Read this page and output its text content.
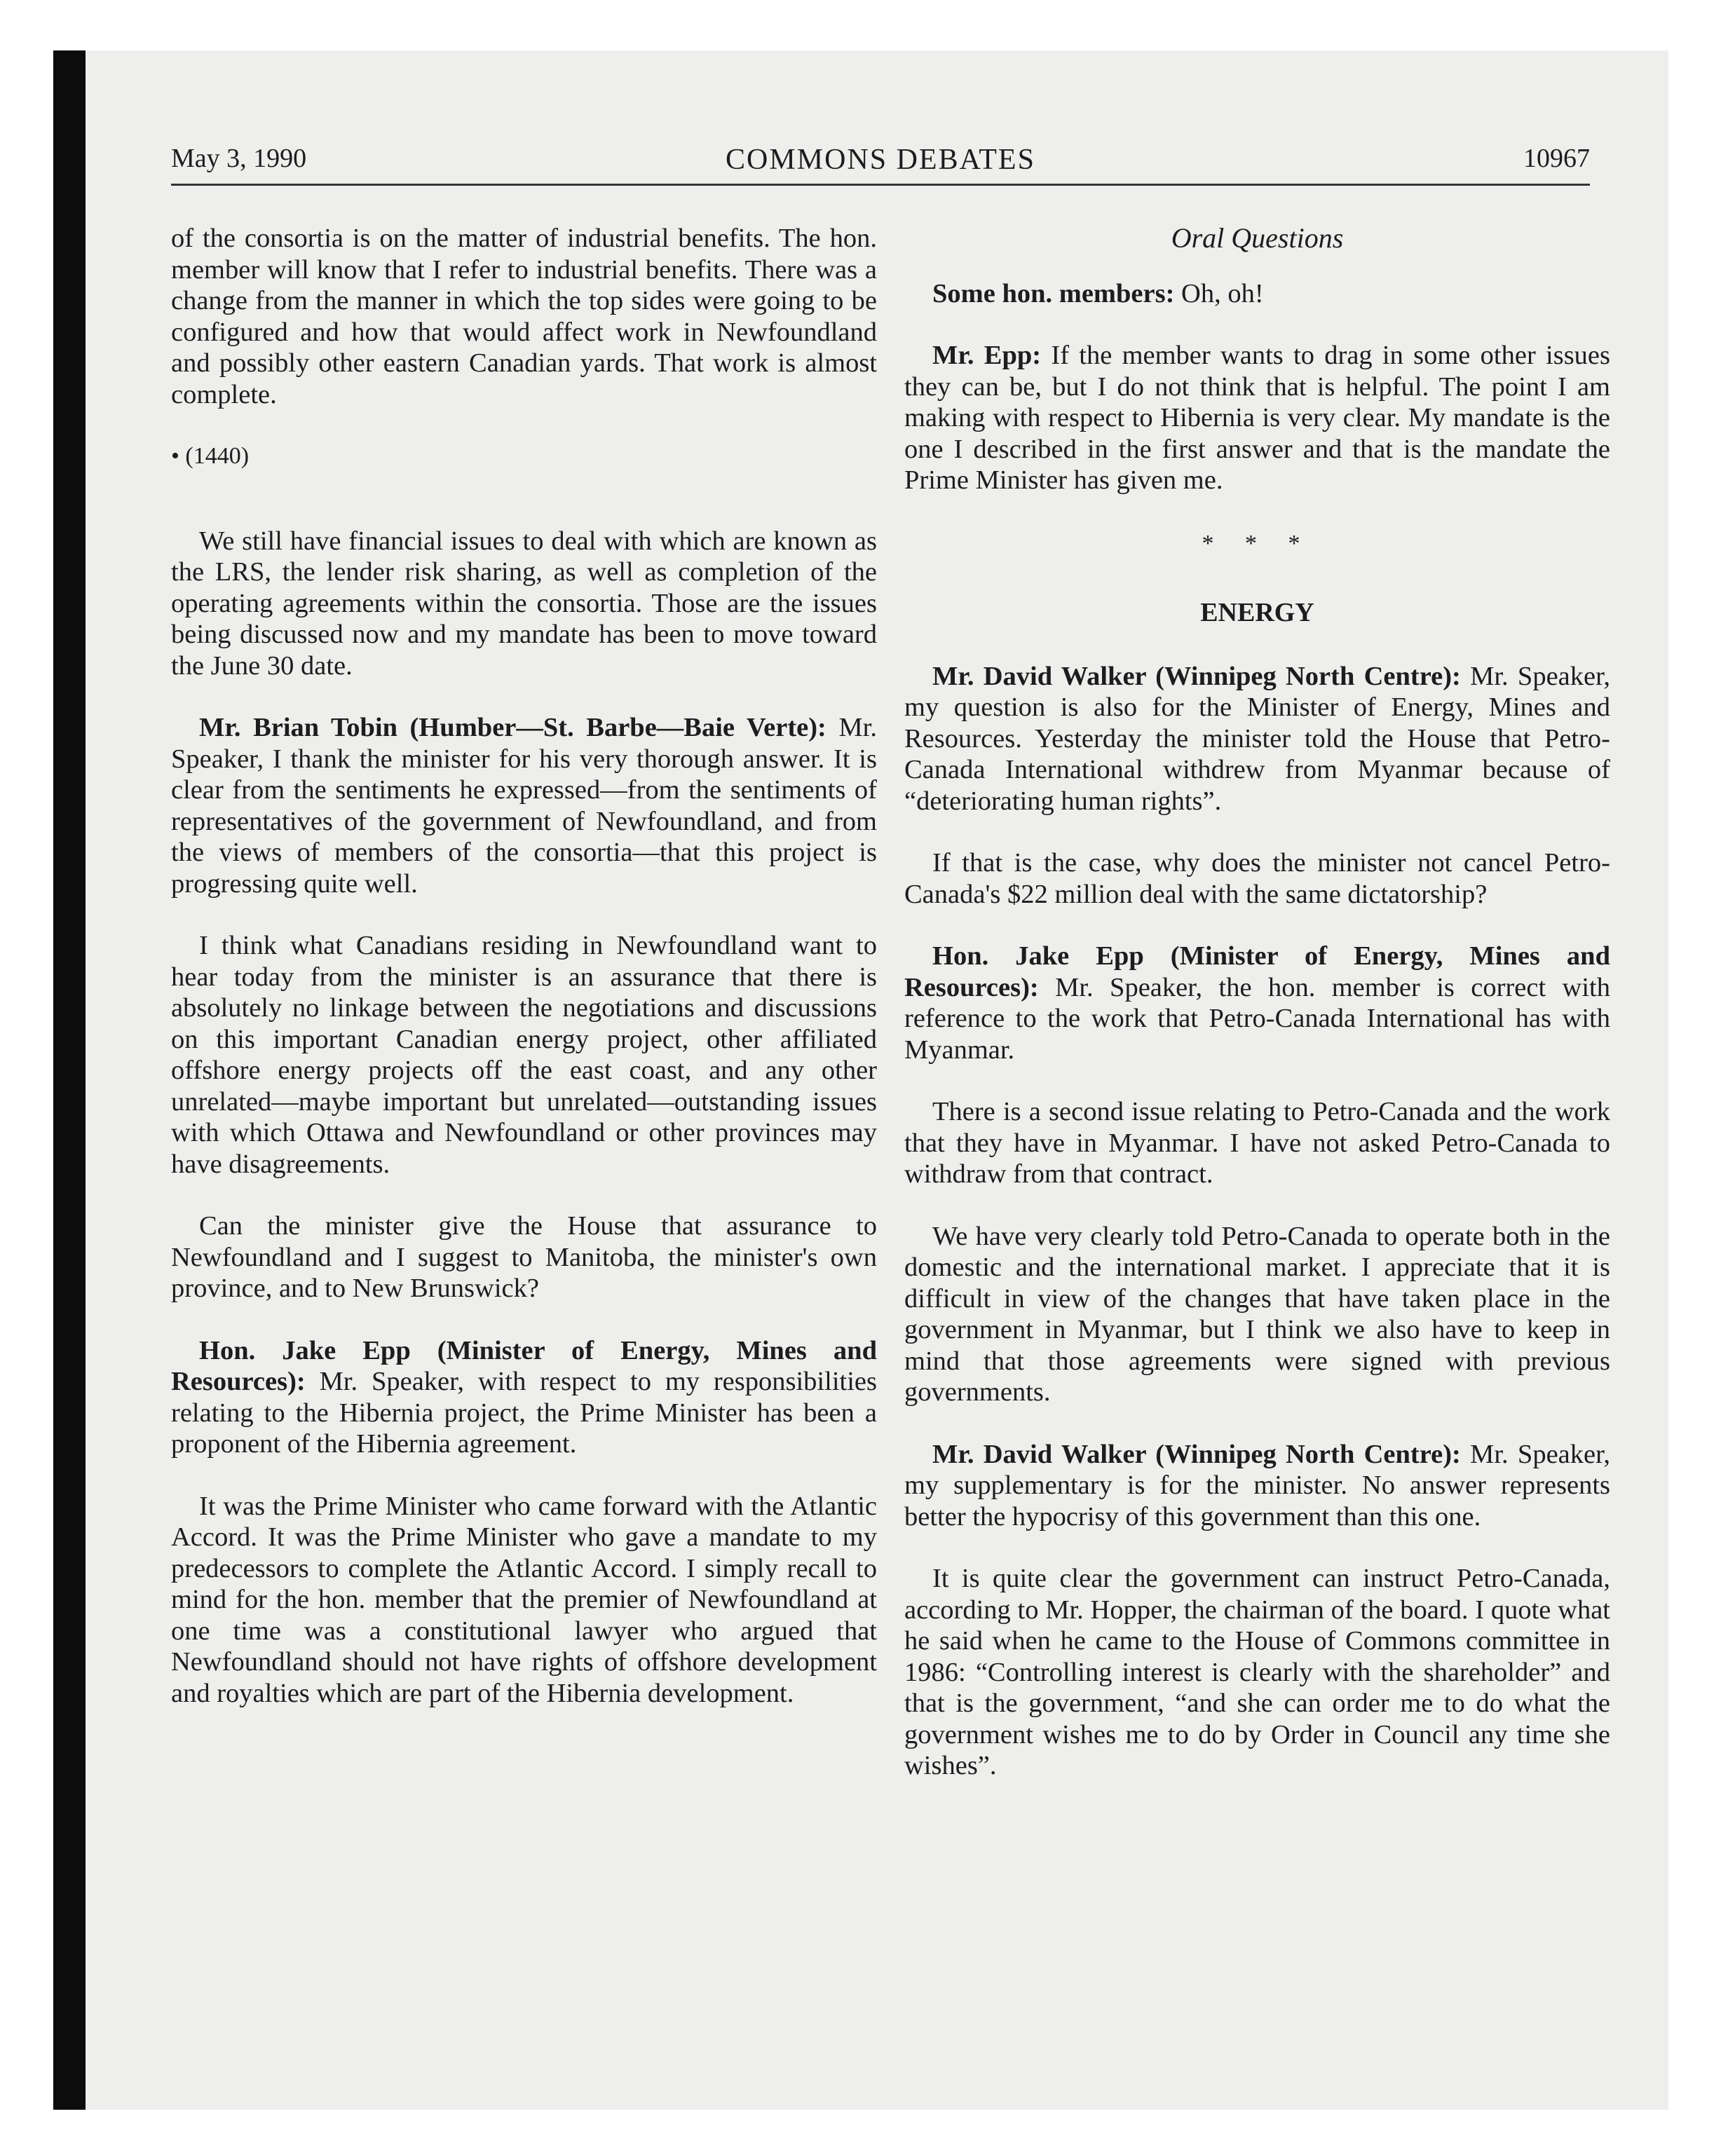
May 3, 1990	COMMONS DEBATES	10967

of the consortia is on the matter of industrial benefits. The hon. member will know that I refer to industrial benefits. There was a change from the manner in which the top sides were going to be configured and how that would affect work in Newfoundland and possibly other eastern Canadian yards. That work is almost complete.

• (1440)

We still have financial issues to deal with which are known as the LRS, the lender risk sharing, as well as completion of the operating agreements within the consortia. Those are the issues being discussed now and my mandate has been to move toward the June 30 date.

Mr. Brian Tobin (Humber—St. Barbe—Baie Verte): Mr. Speaker, I thank the minister for his very thorough answer. It is clear from the sentiments he expressed—from the sentiments of representatives of the government of Newfoundland, and from the views of members of the consortia—that this project is progressing quite well.

I think what Canadians residing in Newfoundland want to hear today from the minister is an assurance that there is absolutely no linkage between the negotiations and discussions on this important Canadian energy project, other affiliated offshore energy projects off the east coast, and any other unrelated—maybe important but unrelated—outstanding issues with which Ottawa and Newfoundland or other provinces may have disagreements.

Can the minister give the House that assurance to Newfoundland and I suggest to Manitoba, the minister's own province, and to New Brunswick?

Hon. Jake Epp (Minister of Energy, Mines and Resources): Mr. Speaker, with respect to my responsibilities relating to the Hibernia project, the Prime Minister has been a proponent of the Hibernia agreement.

It was the Prime Minister who came forward with the Atlantic Accord. It was the Prime Minister who gave a mandate to my predecessors to complete the Atlantic Accord. I simply recall to mind for the hon. member that the premier of Newfoundland at one time was a constitutional lawyer who argued that Newfoundland should not have rights of offshore development and royalties which are part of the Hibernia development.

Oral Questions

Some hon. members: Oh, oh!

Mr. Epp: If the member wants to drag in some other issues they can be, but I do not think that is helpful. The point I am making with respect to Hibernia is very clear. My mandate is the one I described in the first answer and that is the mandate the Prime Minister has given me.

* * *
ENERGY

Mr. David Walker (Winnipeg North Centre): Mr. Speaker, my question is also for the Minister of Energy, Mines and Resources. Yesterday the minister told the House that Petro-Canada International withdrew from Myanmar because of “deteriorating human rights”.

If that is the case, why does the minister not cancel Petro-Canada's $22 million deal with the same dictatorship?

Hon. Jake Epp (Minister of Energy, Mines and Resources): Mr. Speaker, the hon. member is correct with reference to the work that Petro-Canada International has with Myanmar.

There is a second issue relating to Petro-Canada and the work that they have in Myanmar. I have not asked Petro-Canada to withdraw from that contract.

We have very clearly told Petro-Canada to operate both in the domestic and the international market. I appreciate that it is difficult in view of the changes that have taken place in the government in Myanmar, but I think we also have to keep in mind that those agreements were signed with previous governments.

Mr. David Walker (Winnipeg North Centre): Mr. Speaker, my supplementary is for the minister. No answer represents better the hypocrisy of this government than this one.

It is quite clear the government can instruct Petro-Canada, according to Mr. Hopper, the chairman of the board. I quote what he said when he came to the House of Commons committee in 1986: “Controlling interest is clearly with the shareholder” and that is the government, “and she can order me to do what the government wishes me to do by Order in Council any time she wishes”.
